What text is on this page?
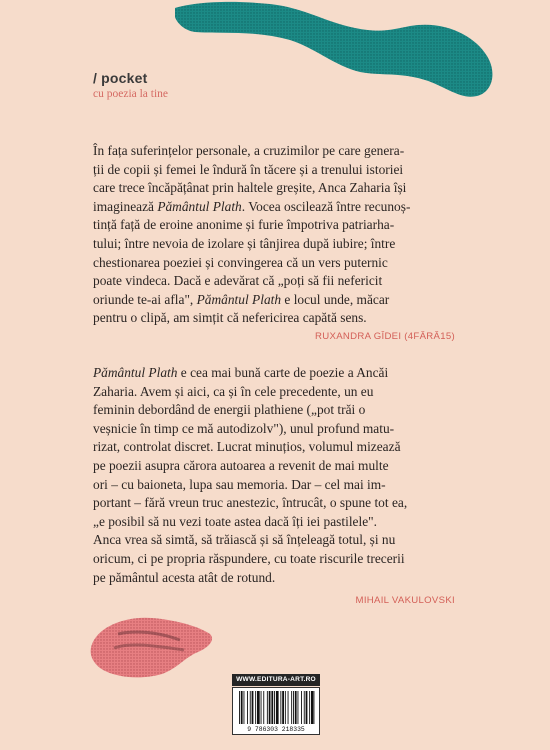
/ pocket
cu poezia la tine

În fața suferințelor personale, a cruzimilor pe care genera-

ții de copii și femei le îndură în tăcere și a trenului istoriei

care trece încăpățânat prin haltele greșite, Anca Zaharia își

imaginează Pământul Plath. Vocea oscilează între recunoș-

tință față de eroine anonime și furie împotriva patriarha-

tului; între nevoia de izolare și tânjirea după iubire; între

chestionarea poeziei și convingerea că un vers puternic

poate vindeca. Dacă e adevărat că „poți să fii nefericit

oriunde te-ai afla", Pământul Plath e locul unde, măcar

pentru o clipă, am simțit că nefericirea capătă sens.

RUXANDRA GÎDEI (4FĂRĂ15)

Pământul Plath e cea mai bună carte de poezie a Ancăi

Zaharia. Avem și aici, ca și în cele precedente, un eu

feminin debordând de energii plathiene („pot trăi o

veșnicie în timp ce mă autodizolv"), unul profund matu-

rizat, controlat discret. Lucrat minuțios, volumul mizează

pe poezii asupra cărora autoarea a revenit de mai multe

ori – cu baioneta, lupa sau memoria. Dar – cel mai im-

portant – fără vreun truc anestezic, întrucât, o spune tot ea,

„e posibil să nu vezi toate astea dacă îți iei pastilele".

Anca vrea să simtă, să trăiască și să înțeleagă totul, și nu

oricum, ci pe propria răspundere, cu toate riscurile trecerii

pe pământul acesta atât de rotund.

MIHAIL VAKULOVSKI
WWW.EDITURA-ART.RO
9 786303 218335
